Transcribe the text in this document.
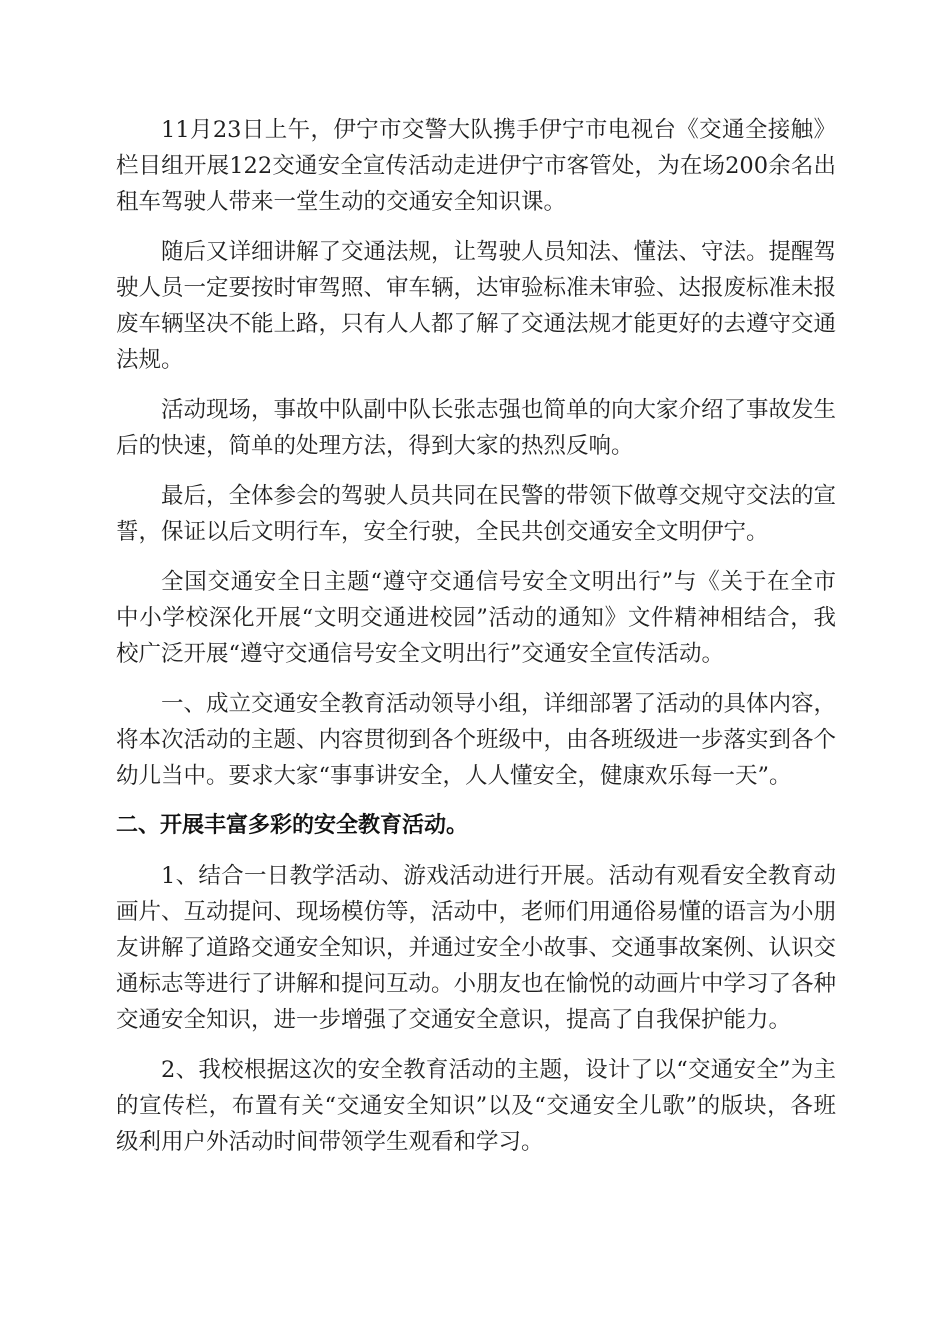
11月23日上午，伊宁市交警大队携手伊宁市电视台《交通全接触》栏目组开展122交通安全宣传活动走进伊宁市客管处，为在场200余名出租车驾驶人带来一堂生动的交通安全知识课。

随后又详细讲解了交通法规，让驾驶人员知法、懂法、守法。提醒驾驶人员一定要按时审驾照、审车辆，达审验标准未审验、达报废标准未报废车辆坚决不能上路，只有人人都了解了交通法规才能更好的去遵守交通法规。

活动现场，事故中队副中队长张志强也简单的向大家介绍了事故发生后的快速，简单的处理方法，得到大家的热烈反响。

最后，全体参会的驾驶人员共同在民警的带领下做尊交规守交法的宣誓，保证以后文明行车，安全行驶，全民共创交通安全文明伊宁。

全国交通安全日主题“遵守交通信号安全文明出行”与《关于在全市中小学校深化开展“文明交通进校园”活动的通知》文件精神相结合，我校广泛开展“遵守交通信号安全文明出行”交通安全宣传活动。

一、成立交通安全教育活动领导小组，详细部署了活动的具体内容，将本次活动的主题、内容贯彻到各个班级中，由各班级进一步落实到各个幼儿当中。要求大家“事事讲安全，人人懂安全，健康欢乐每一天”。

二、开展丰富多彩的安全教育活动。

1、结合一日教学活动、游戏活动进行开展。活动有观看安全教育动画片、互动提问、现场模仿等，活动中，老师们用通俗易懂的语言为小朋友讲解了道路交通安全知识，并通过安全小故事、交通事故案例、认识交通标志等进行了讲解和提问互动。小朋友也在愉悦的动画片中学习了各种交通安全知识，进一步增强了交通安全意识，提高了自我保护能力。

2、我校根据这次的安全教育活动的主题，设计了以“交通安全”为主的宣传栏，布置有关“交通安全知识”以及“交通安全儿歌”的版块，各班级利用户外活动时间带领学生观看和学习。
